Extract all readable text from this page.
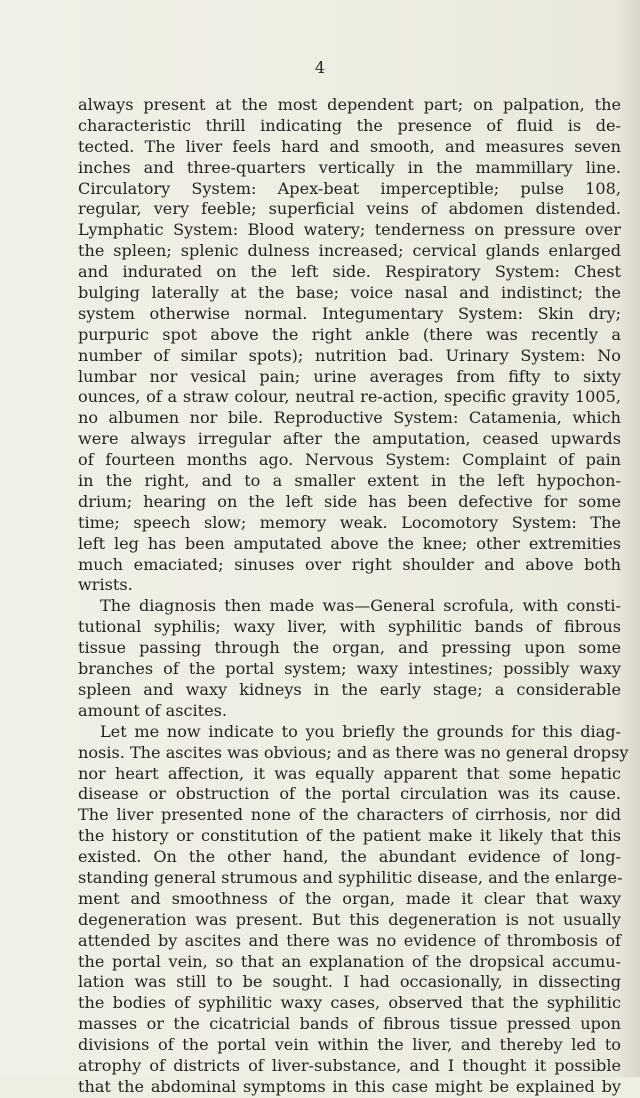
4
always present at the most dependent part; on palpation, the
characteristic thrill indicating the presence of fluid is de-
tected. The liver feels hard and smooth, and measures seven
inches and three-quarters vertically in the mammillary line.
Circulatory System: Apex-beat imperceptible; pulse 108,
regular, very feeble; superficial veins of abdomen distended.
Lymphatic System: Blood watery; tenderness on pressure over
the spleen; splenic dulness increased; cervical glands enlarged
and indurated on the left side. Respiratory System: Chest
bulging laterally at the base; voice nasal and indistinct; the
system otherwise normal. Integumentary System: Skin dry;
purpuric spot above the right ankle (there was recently a
number of similar spots); nutrition bad. Urinary System: No
lumbar nor vesical pain; urine averages from fifty to sixty
ounces, of a straw colour, neutral re-action, specific gravity 1005,
no albumen nor bile. Reproductive System: Catamenia, which
were always irregular after the amputation, ceased upwards
of fourteen months ago. Nervous System: Complaint of pain
in the right, and to a smaller extent in the left hypochon-
drium; hearing on the left side has been defective for some
time; speech slow; memory weak. Locomotory System: The
left leg has been amputated above the knee; other extremities
much emaciated; sinuses over right shoulder and above both
wrists.
The diagnosis then made was—General scrofula, with consti-
tutional syphilis; waxy liver, with syphilitic bands of fibrous
tissue passing through the organ, and pressing upon some
branches of the portal system; waxy intestines; possibly waxy
spleen and waxy kidneys in the early stage; a considerable
amount of ascites.
Let me now indicate to you briefly the grounds for this diag-
nosis. The ascites was obvious; and as there was no general dropsy
nor heart affection, it was equally apparent that some hepatic
disease or obstruction of the portal circulation was its cause.
The liver presented none of the characters of cirrhosis, nor did
the history or constitution of the patient make it likely that this
existed. On the other hand, the abundant evidence of long-
standing general strumous and syphilitic disease, and the enlarge-
ment and smoothness of the organ, made it clear that waxy
degeneration was present. But this degeneration is not usually
attended by ascites and there was no evidence of thrombosis of
the portal vein, so that an explanation of the dropsical accumu-
lation was still to be sought. I had occasionally, in dissecting
the bodies of syphilitic waxy cases, observed that the syphilitic
masses or the cicatricial bands of fibrous tissue pressed upon
divisions of the portal vein within the liver, and thereby led to
atrophy of districts of liver-substance, and I thought it possible
that the abdominal symptoms in this case might be explained by
